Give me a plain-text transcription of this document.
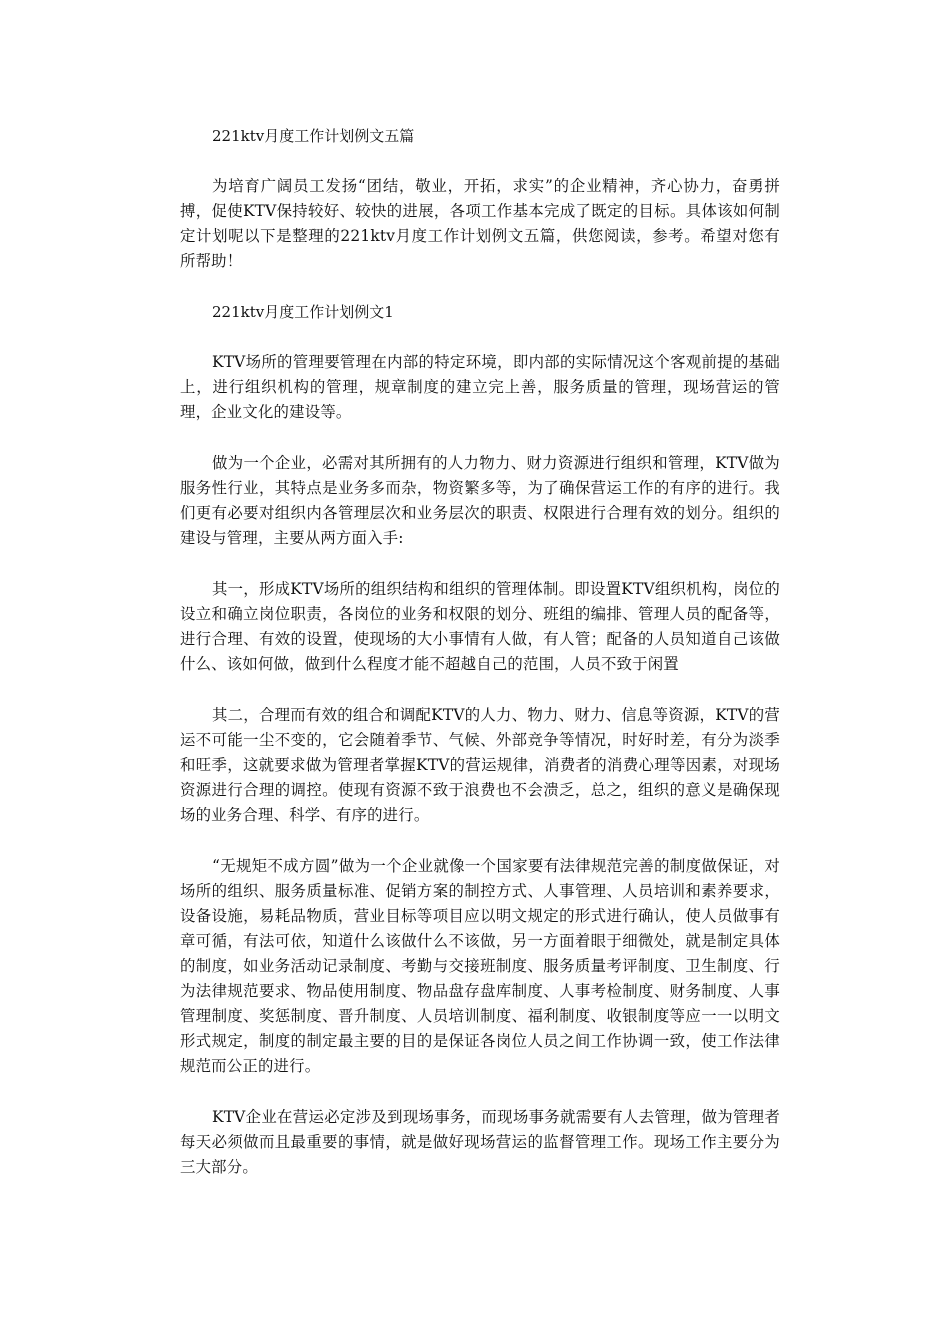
221ktv月度工作计划例文五篇

为培育广阔员工发扬“团结，敬业，开拓，求实”的企业精神，齐心协力，奋勇拼搏，促使KTV保持较好、较快的进展，各项工作基本完成了既定的目标。具体该如何制定计划呢以下是整理的221ktv月度工作计划例文五篇，供您阅读，参考。希望对您有所帮助！

221ktv月度工作计划例文1

KTV场所的管理要管理在内部的特定环境，即内部的实际情况这个客观前提的基础上，进行组织机构的管理，规章制度的建立完上善，服务质量的管理，现场营运的管理，企业文化的建设等。

做为一个企业，必需对其所拥有的人力物力、财力资源进行组织和管理，KTV做为服务性行业，其特点是业务多而杂，物资繁多等，为了确保营运工作的有序的进行。我们更有必要对组织内各管理层次和业务层次的职责、权限进行合理有效的划分。组织的建设与管理，主要从两方面入手:

其一，形成KTV场所的组织结构和组织的管理体制。即设置KTV组织机构，岗位的设立和确立岗位职责，各岗位的业务和权限的划分、班组的编排、管理人员的配备等，进行合理、有效的设置，使现场的大小事情有人做，有人管；配备的人员知道自己该做什么、该如何做，做到什么程度才能不超越自己的范围，人员不致于闲置

其二，合理而有效的组合和调配KTV的人力、物力、财力、信息等资源，KTV的营运不可能一尘不变的，它会随着季节、气候、外部竞争等情况，时好时差，有分为淡季和旺季，这就要求做为管理者掌握KTV的营运规律，消费者的消费心理等因素，对现场资源进行合理的调控。使现有资源不致于浪费也不会溃乏，总之，组织的意义是确保现场的业务合理、科学、有序的进行。

“无规矩不成方圆”做为一个企业就像一个国家要有法律规范完善的制度做保证，对场所的组织、服务质量标准、促销方案的制控方式、人事管理、人员培训和素养要求，设备设施，易耗品物质，营业目标等项目应以明文规定的形式进行确认，使人员做事有章可循，有法可依，知道什么该做什么不该做，另一方面着眼于细微处，就是制定具体的制度，如业务活动记录制度、考勤与交接班制度、服务质量考评制度、卫生制度、行为法律规范要求、物品使用制度、物品盘存盘库制度、人事考检制度、财务制度、人事管理制度、奖惩制度、晋升制度、人员培训制度、福利制度、收银制度等应一一以明文形式规定，制度的制定最主要的目的是保证各岗位人员之间工作协调一致，使工作法律规范而公正的进行。

KTV企业在营运必定涉及到现场事务，而现场事务就需要有人去管理，做为管理者每天必须做而且最重要的事情，就是做好现场营运的监督管理工作。现场工作主要分为三大部分。
